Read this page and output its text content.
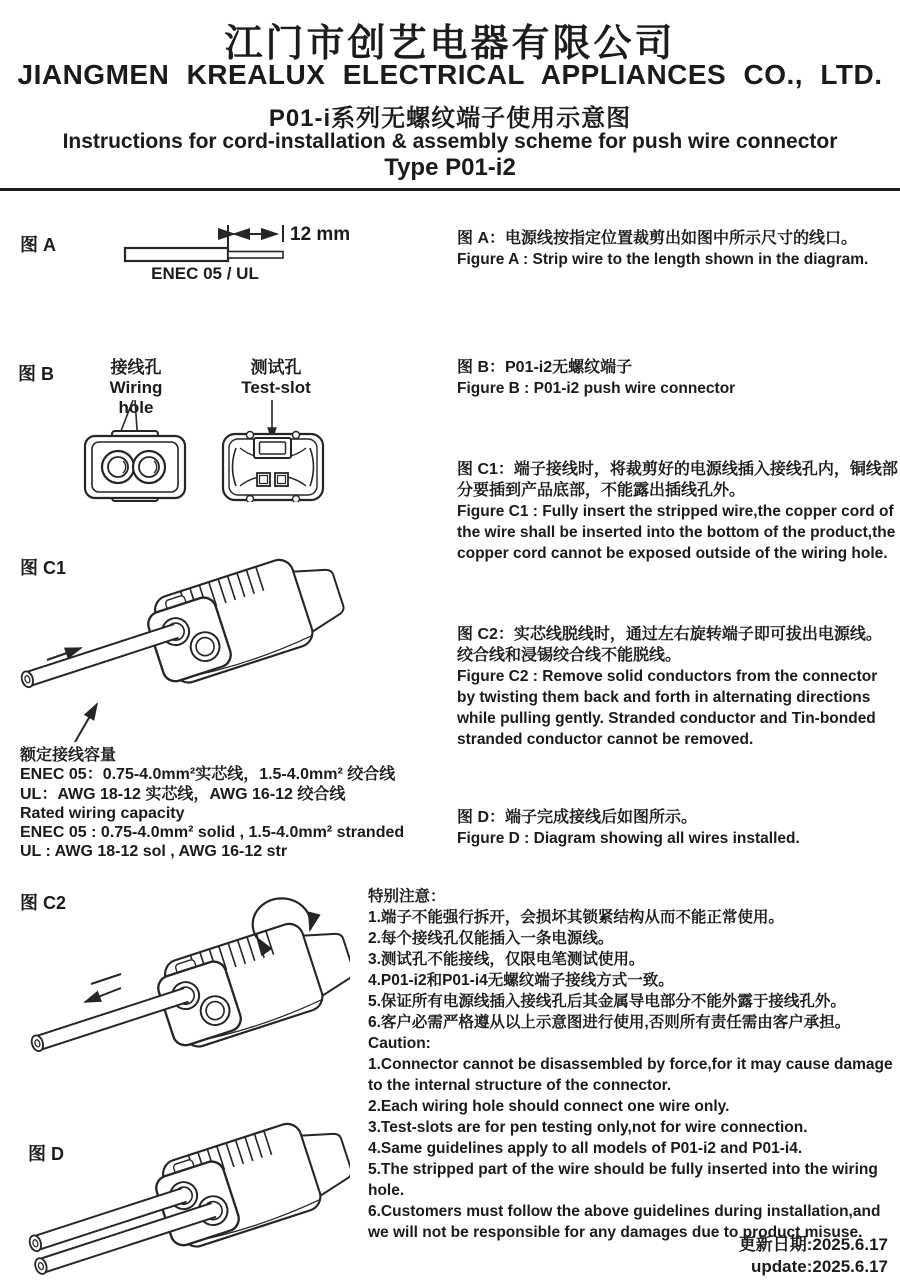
江门市创艺电器有限公司
JIANGMEN KREALUX ELECTRICAL APPLIANCES CO., LTD.
P01-i系列无螺纹端子使用示意图
Instructions for cord-installation & assembly scheme for push wire connector
Type P01-i2
图 A	12 mm
ENEC 05 / UL
图 A：电源线按指定位置裁剪出如图中所示尺寸的线口。
Figure A : Strip wire to the length shown in the diagram.
图 B	接线孔
Wiring hole
测试孔
Test-slot
图 B：P01-i2无螺纹端子
Figure B : P01-i2 push wire connector
图 C1
图 C1：端子接线时，将裁剪好的电源线插入接线孔内，铜线部分要插到产品底部，不能露出插线孔外。
Figure C1 : Fully insert the stripped wire,the copper cord of the wire shall be inserted into the bottom of the product,the copper cord cannot be exposed outside of the wiring hole.
额定接线容量
ENEC 05：0.75-4.0mm²实芯线，1.5-4.0mm² 绞合线
UL：AWG 18-12 实芯线，AWG 16-12 绞合线
Rated wiring capacity
ENEC 05 : 0.75-4.0mm² solid , 1.5-4.0mm² stranded
UL : AWG 18-12 sol , AWG 16-12 str
图 C2：实芯线脱线时，通过左右旋转端子即可拔出电源线。
绞合线和浸锡绞合线不能脱线。
Figure C2 : Remove solid conductors from the connector by twisting them back and forth in alternating directions while pulling gently. Stranded conductor and Tin-bonded stranded conductor cannot be removed.
图 D：端子完成接线后如图所示。
Figure D : Diagram showing all wires installed.
图 C2	特别注意：
1.端子不能强行拆开，会损坏其锁紧结构从而不能正常使用。
2.每个接线孔仅能插入一条电源线。
3.测试孔不能接线，仅限电笔测试使用。
4.P01-i2和P01-i4无螺纹端子接线方式一致。
5.保证所有电源线插入接线孔后其金属导电部分不能外露于接线孔外。
6.客户必需严格遵从以上示意图进行使用,否则所有责任需由客户承担。
Caution:
1.Connector cannot be disassembled by force,for it may cause damage to the internal structure of the connector.
2.Each wiring hole should connect one wire only.
3.Test-slots are for pen testing only,not for wire connection.
4.Same guidelines apply to all models of P01-i2 and P01-i4.
5.The stripped part of the wire should be fully inserted into the wiring hole.
6.Customers must follow the above guidelines during installation,and we will not be responsible for any damages due to product misuse.
图 D
更新日期:2025.6.17
update:2025.6.17
